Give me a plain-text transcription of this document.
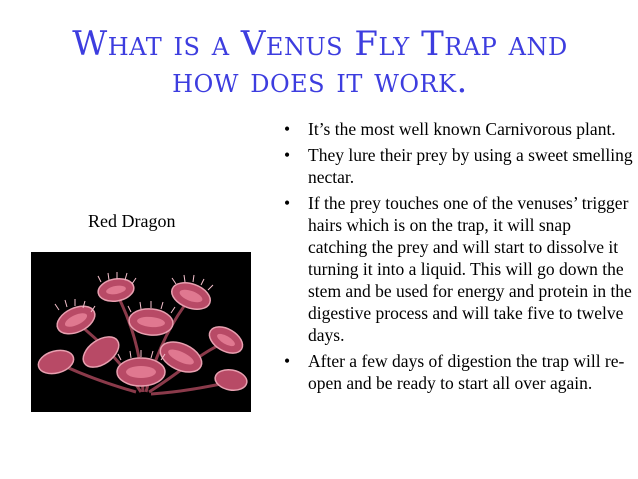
What is a Venus Fly Trap and
how does it work.
Red Dragon
• It’s the most well known Carnivorous plant.
• They lure their prey by using a sweet smelling nectar.
• If the prey touches one of the venuses’ trigger hairs which is on the trap, it will snap catching the prey and will start to dissolve it turning it into a liquid. This will go down the stem and be used for energy and protein in the digestive process and will take five to twelve days.
• After a few days of digestion the trap will re-open and be ready to start all over again.
